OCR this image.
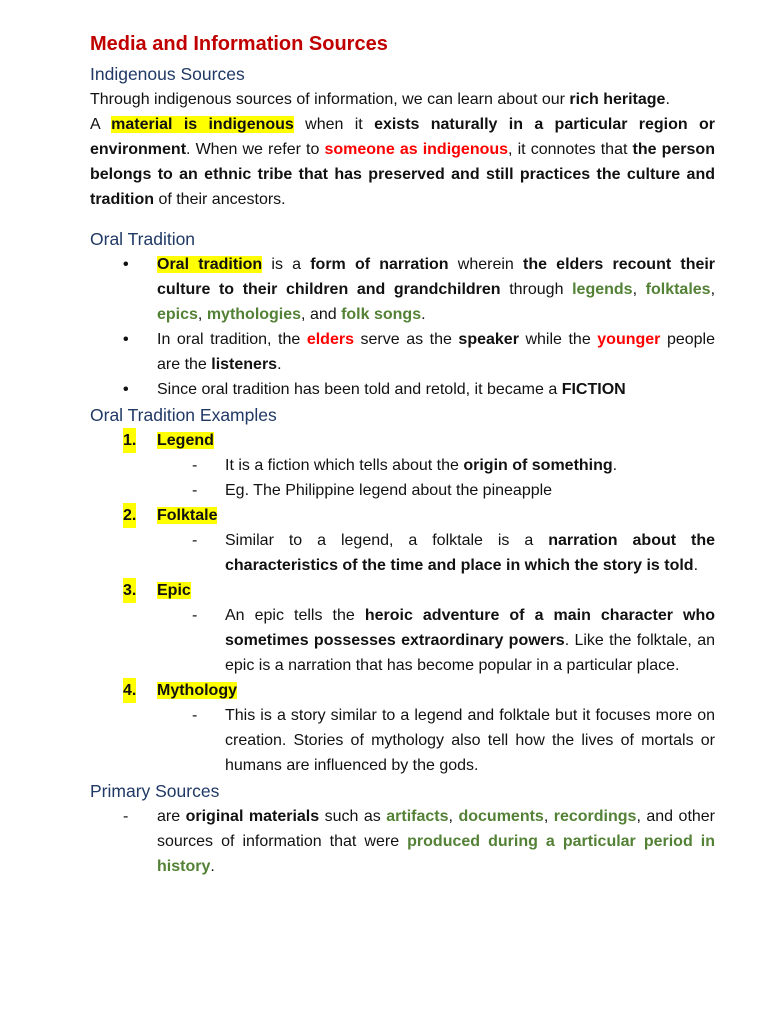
Media and Information Sources
Indigenous Sources

Through indigenous sources of information, we can learn about our rich heritage.

A material is indigenous when it exists naturally in a particular region or environment. When we refer to someone as indigenous, it connotes that the person belongs to an ethnic tribe that has preserved and still practices the culture and tradition of their ancestors.

Oral Tradition
• Oral tradition is a form of narration wherein the elders recount their culture to their children and grandchildren through legends, folktales, epics, mythologies, and folk songs.
• In oral tradition, the elders serve as the speaker while the younger people are the listeners.
• Since oral tradition has been told and retold, it became a FICTION
Oral Tradition Examples
1. Legend
- It is a fiction which tells about the origin of something.
- Eg. The Philippine legend about the pineapple
2. Folktale
- Similar to a legend, a folktale is a narration about the characteristics of the time and place in which the story is told.
3. Epic
- An epic tells the heroic adventure of a main character who sometimes possesses extraordinary powers. Like the folktale, an epic is a narration that has become popular in a particular place.
4. Mythology
- This is a story similar to a legend and folktale but it focuses more on creation. Stories of mythology also tell how the lives of mortals or humans are influenced by the gods.
Primary Sources
- are original materials such as artifacts, documents, recordings, and other sources of information that were produced during a particular period in history.
